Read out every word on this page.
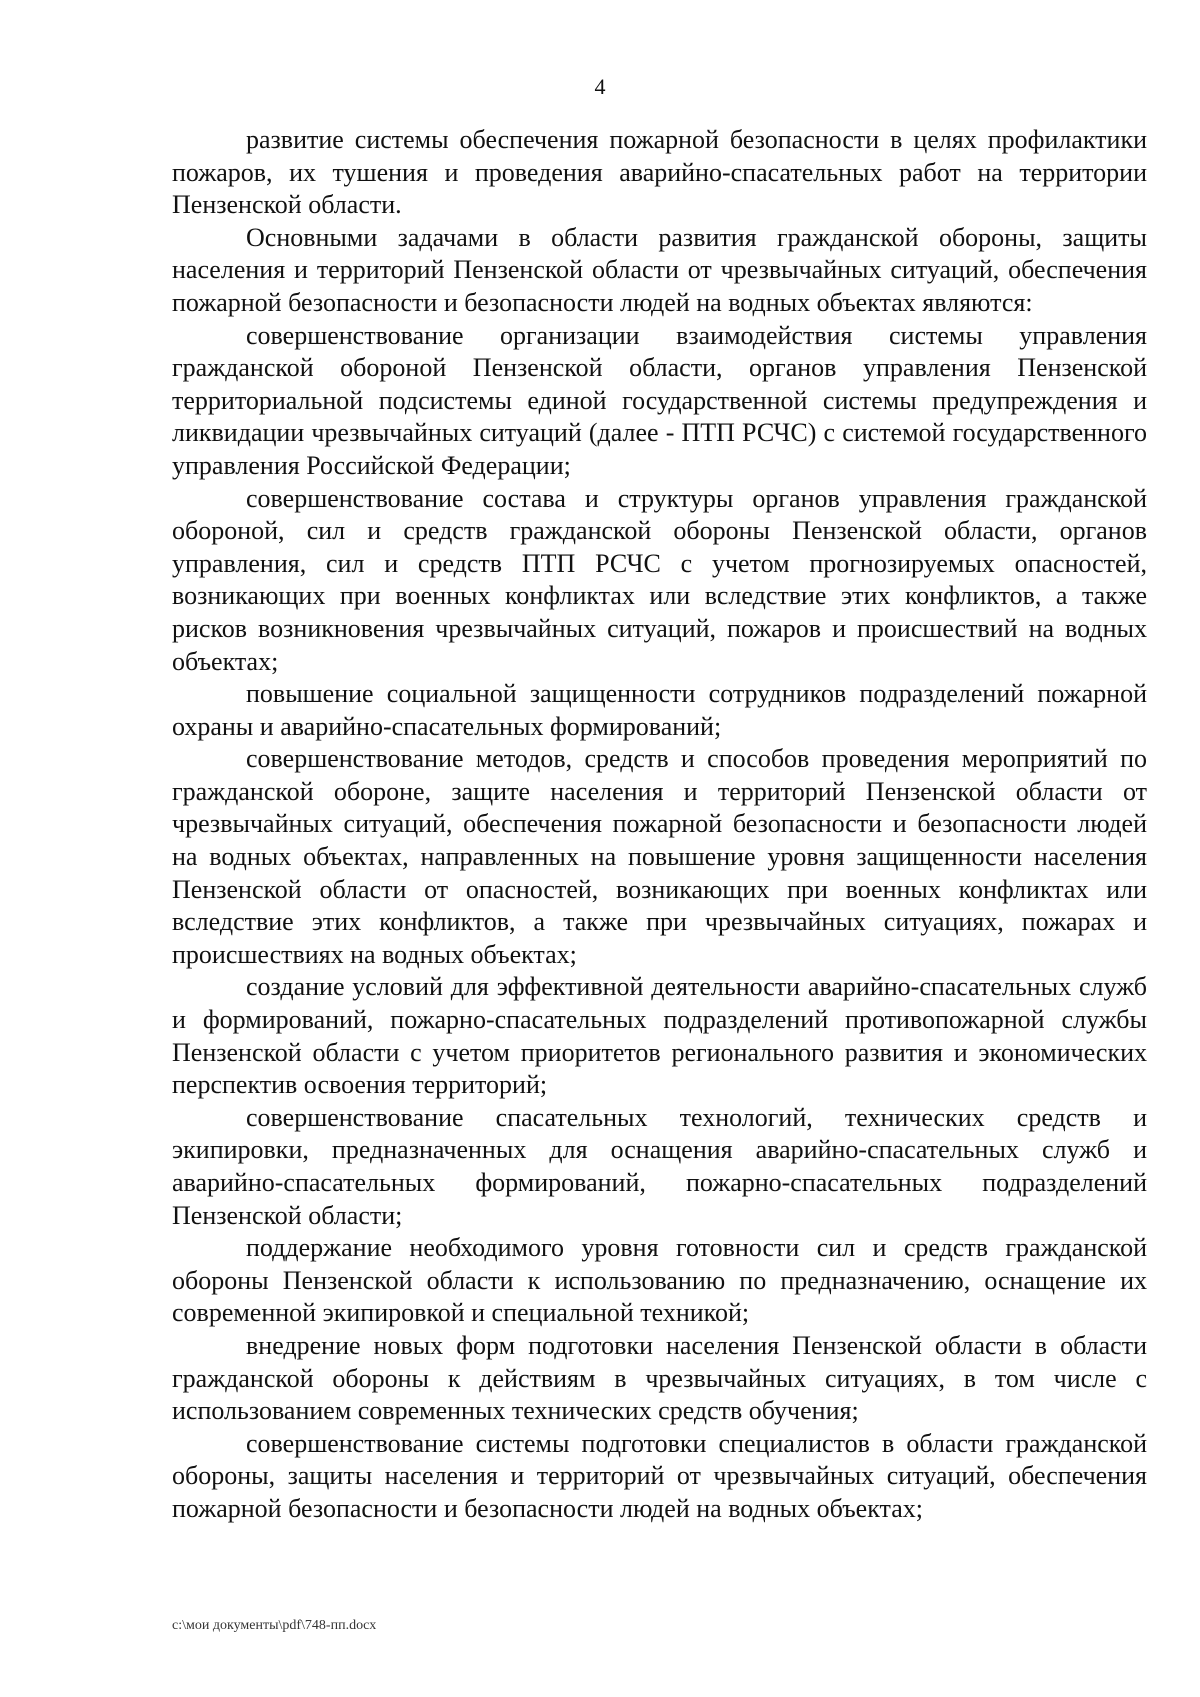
4

развитие системы обеспечения пожарной безопасности в целях профилактики пожаров, их тушения и проведения аварийно-спасательных работ на территории Пензенской области.

Основными задачами в области развития гражданской обороны, защиты населения и территорий Пензенской области от чрезвычайных ситуаций, обеспечения пожарной безопасности и безопасности людей на водных объектах являются:

совершенствование организации взаимодействия системы управления гражданской обороной Пензенской области, органов управления Пензенской территориальной подсистемы единой государственной системы предупреждения и ликвидации чрезвычайных ситуаций (далее - ПТП РСЧС) с системой государственного управления Российской Федерации;

совершенствование состава и структуры органов управления гражданской обороной, сил и средств гражданской обороны Пензенской области, органов управления, сил и средств ПТП РСЧС с учетом прогнозируемых опасностей, возникающих при военных конфликтах или вследствие этих конфликтов, а также рисков возникновения чрезвычайных ситуаций, пожаров и происшествий на водных объектах;

повышение социальной защищенности сотрудников подразделений пожарной охраны и аварийно-спасательных формирований;

совершенствование методов, средств и способов проведения мероприятий по гражданской обороне, защите населения и территорий Пензенской области от чрезвычайных ситуаций, обеспечения пожарной безопасности и безопасности людей на водных объектах, направленных на повышение уровня защищенности населения Пензенской области от опасностей, возникающих при военных конфликтах или вследствие этих конфликтов, а также при чрезвычайных ситуациях, пожарах и происшествиях на водных объектах;

создание условий для эффективной деятельности аварийно-спасательных служб и формирований, пожарно-спасательных подразделений противопожарной службы Пензенской области с учетом приоритетов регионального развития и экономических перспектив освоения территорий;

совершенствование спасательных технологий, технических средств и экипировки, предназначенных для оснащения аварийно-спасательных служб и аварийно-спасательных формирований, пожарно-спасательных подразделений Пензенской области;

поддержание необходимого уровня готовности сил и средств гражданской обороны Пензенской области к использованию по предназначению, оснащение их современной экипировкой и специальной техникой;

внедрение новых форм подготовки населения Пензенской области в области гражданской обороны к действиям в чрезвычайных ситуациях, в том числе с использованием современных технических средств обучения;

совершенствование системы подготовки специалистов в области гражданской обороны, защиты населения и территорий от чрезвычайных ситуаций, обеспечения пожарной безопасности и безопасности людей на водных объектах;

c:\мои документы\pdf\748-пп.docx
